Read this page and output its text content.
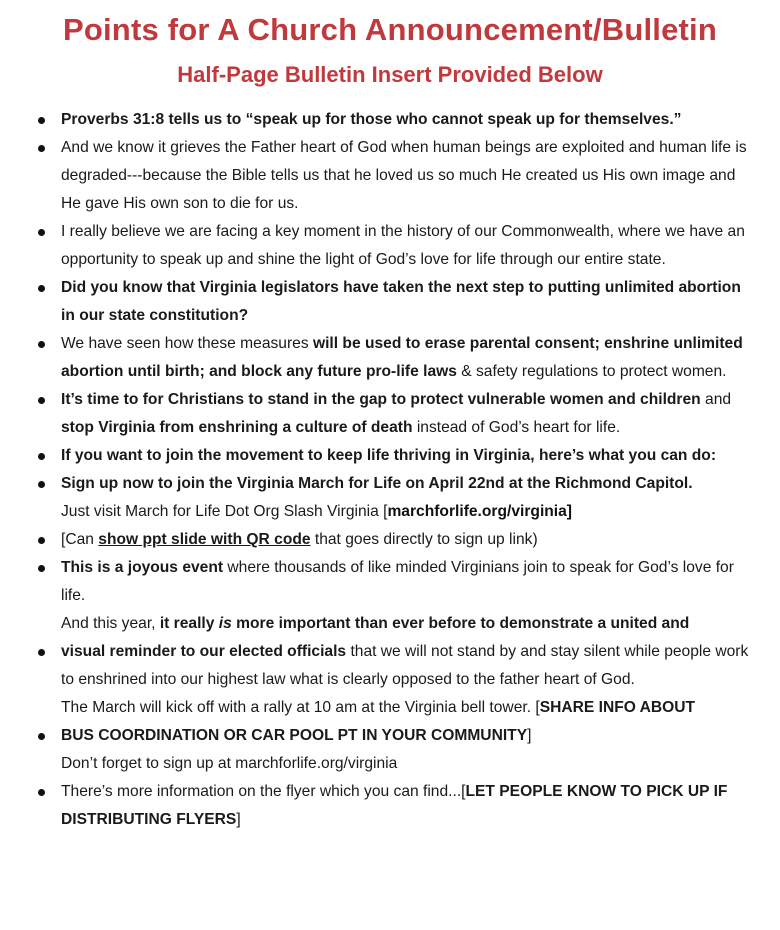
Points for A Church Announcement/Bulletin
Half-Page Bulletin Insert Provided Below

Proverbs 31:8 tells us to “speak up for those who cannot speak up for themselves.”

And we know it grieves the Father heart of God when human beings are exploited and human life is degraded---because the Bible tells us that he loved us so much He created us His own image and He gave His own son to die for us.

I really believe we are facing a key moment in the history of our Commonwealth, where we have an opportunity to speak up and shine the light of God’s love for life through our entire state.

Did you know that Virginia legislators have taken the next step to putting unlimited abortion in our state constitution?

We have seen how these measures will be used to erase parental consent; enshrine unlimited abortion until birth; and block any future pro-life laws & safety regulations to protect women.

It’s time to for Christians to stand in the gap to protect vulnerable women and children and stop Virginia from enshrining a culture of death instead of God’s heart for life.

If you want to join the movement to keep life thriving in Virginia, here’s what you can do:

Sign up now to join the Virginia March for Life on April 22nd at the Richmond Capitol.
Just visit March for Life Dot Org Slash Virginia [marchforlife.org/virginia]

[Can show ppt slide with QR code that goes directly to sign up link)

This is a joyous event where thousands of like minded Virginians join to speak for God’s love for life.

And this year, it really is more important than ever before to demonstrate a united and

visual reminder to our elected officials that we will not stand by and stay silent while people work to enshrined into our highest law what is clearly opposed to the father heart of God.
The March will kick off with a rally at 10 am at the Virginia bell tower. [SHARE INFO ABOUT

BUS COORDINATION OR CAR POOL PT IN YOUR COMMUNITY]
Don’t forget to sign up at marchforlife.org/virginia

There’s more information on the flyer which you can find...[LET PEOPLE KNOW TO PICK UP IF DISTRIBUTING FLYERS]
